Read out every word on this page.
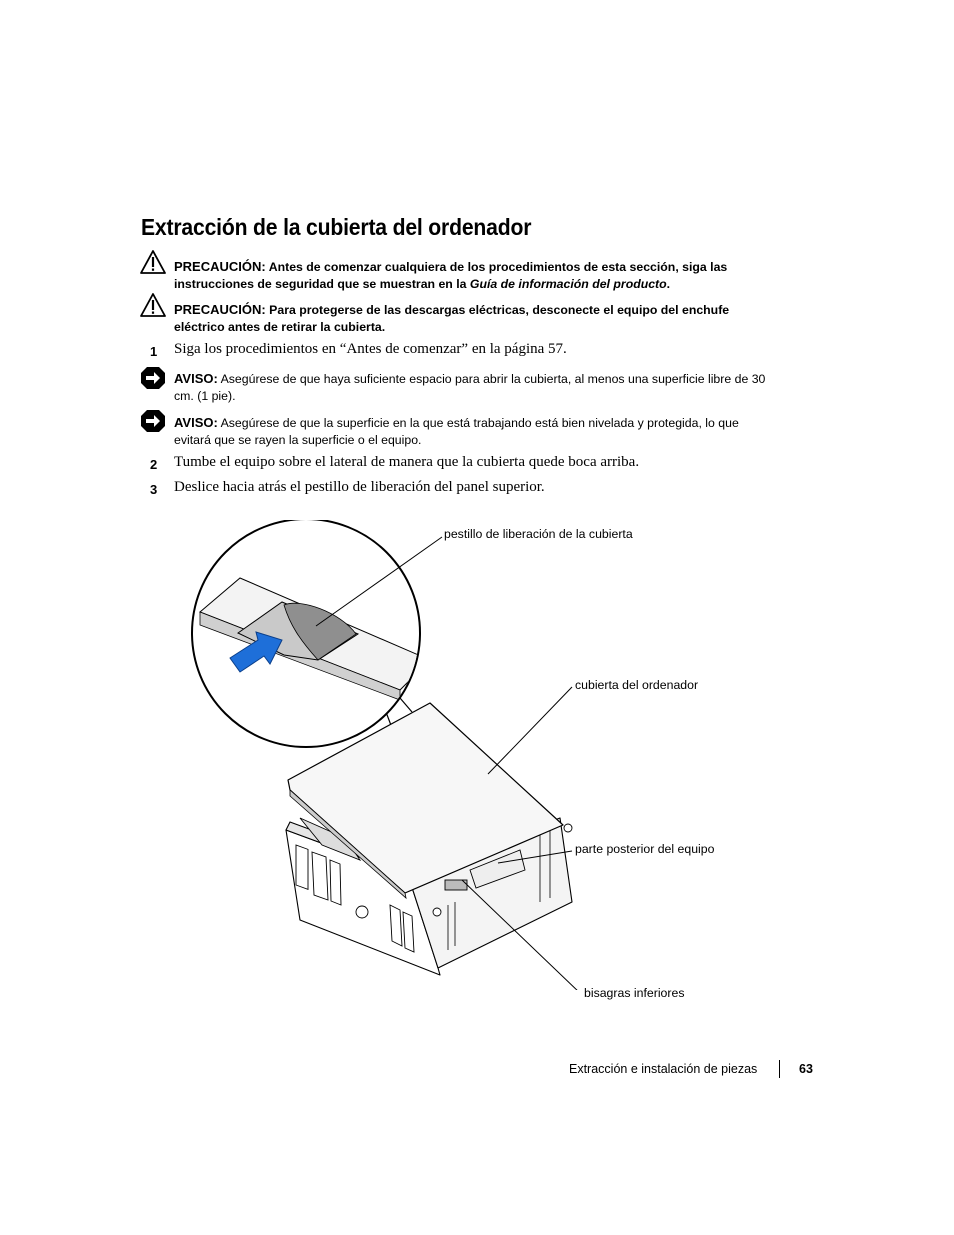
Extracción de la cubierta del ordenador
PRECAUCIÓN: Antes de comenzar cualquiera de los procedimientos de esta sección, siga las instrucciones de seguridad que se muestran en la Guía de información del producto.
PRECAUCIÓN: Para protegerse de las descargas eléctricas, desconecte el equipo del enchufe eléctrico antes de retirar la cubierta.
1 Siga los procedimientos en “Antes de comenzar” en la página 57.
AVISO: Asegúrese de que haya suficiente espacio para abrir la cubierta, al menos una superficie libre de 30 cm. (1 pie).
AVISO: Asegúrese de que la superficie en la que está trabajando está bien nivelada y protegida, lo que evitará que se rayen la superficie o el equipo.
2 Tumbe el equipo sobre el lateral de manera que la cubierta quede boca arriba.
3 Deslice hacia atrás el pestillo de liberación del panel superior.
pestillo de liberación de la cubierta
cubierta del ordenador
parte posterior del equipo
bisagras inferiores
Extracción e instalación de piezas	63
